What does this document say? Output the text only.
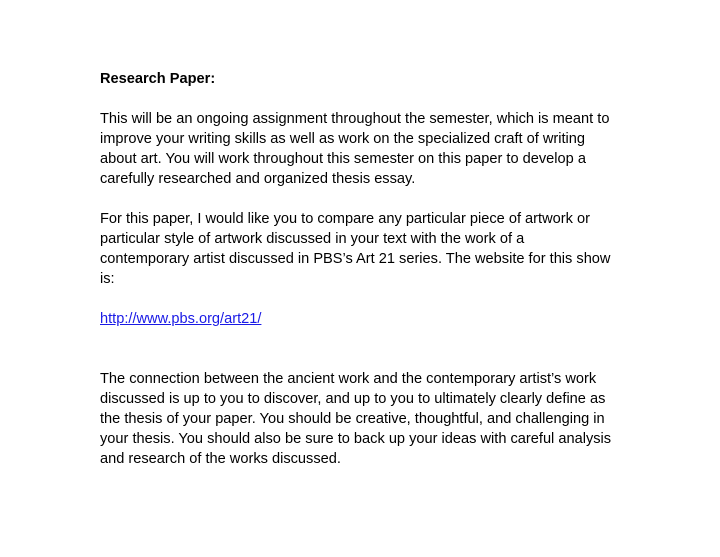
Research Paper:
This will be an ongoing assignment throughout the semester, which is meant to
improve your writing skills as well as work on the specialized craft of writing
about art. You will work throughout this semester on this paper to develop a
carefully researched and organized thesis essay.
For this paper, I would like you to compare any particular piece of artwork or
particular style of artwork discussed in your text with the work of a
contemporary artist discussed in PBS’s Art 21 series. The website for this show
is:
http://www.pbs.org/art21/
The connection between the ancient work and the contemporary artist’s work
discussed is up to you to discover, and up to you to ultimately clearly define as
the thesis of your paper. You should be creative, thoughtful, and challenging in
your thesis. You should also be sure to back up your ideas with careful analysis
and research of the works discussed.
